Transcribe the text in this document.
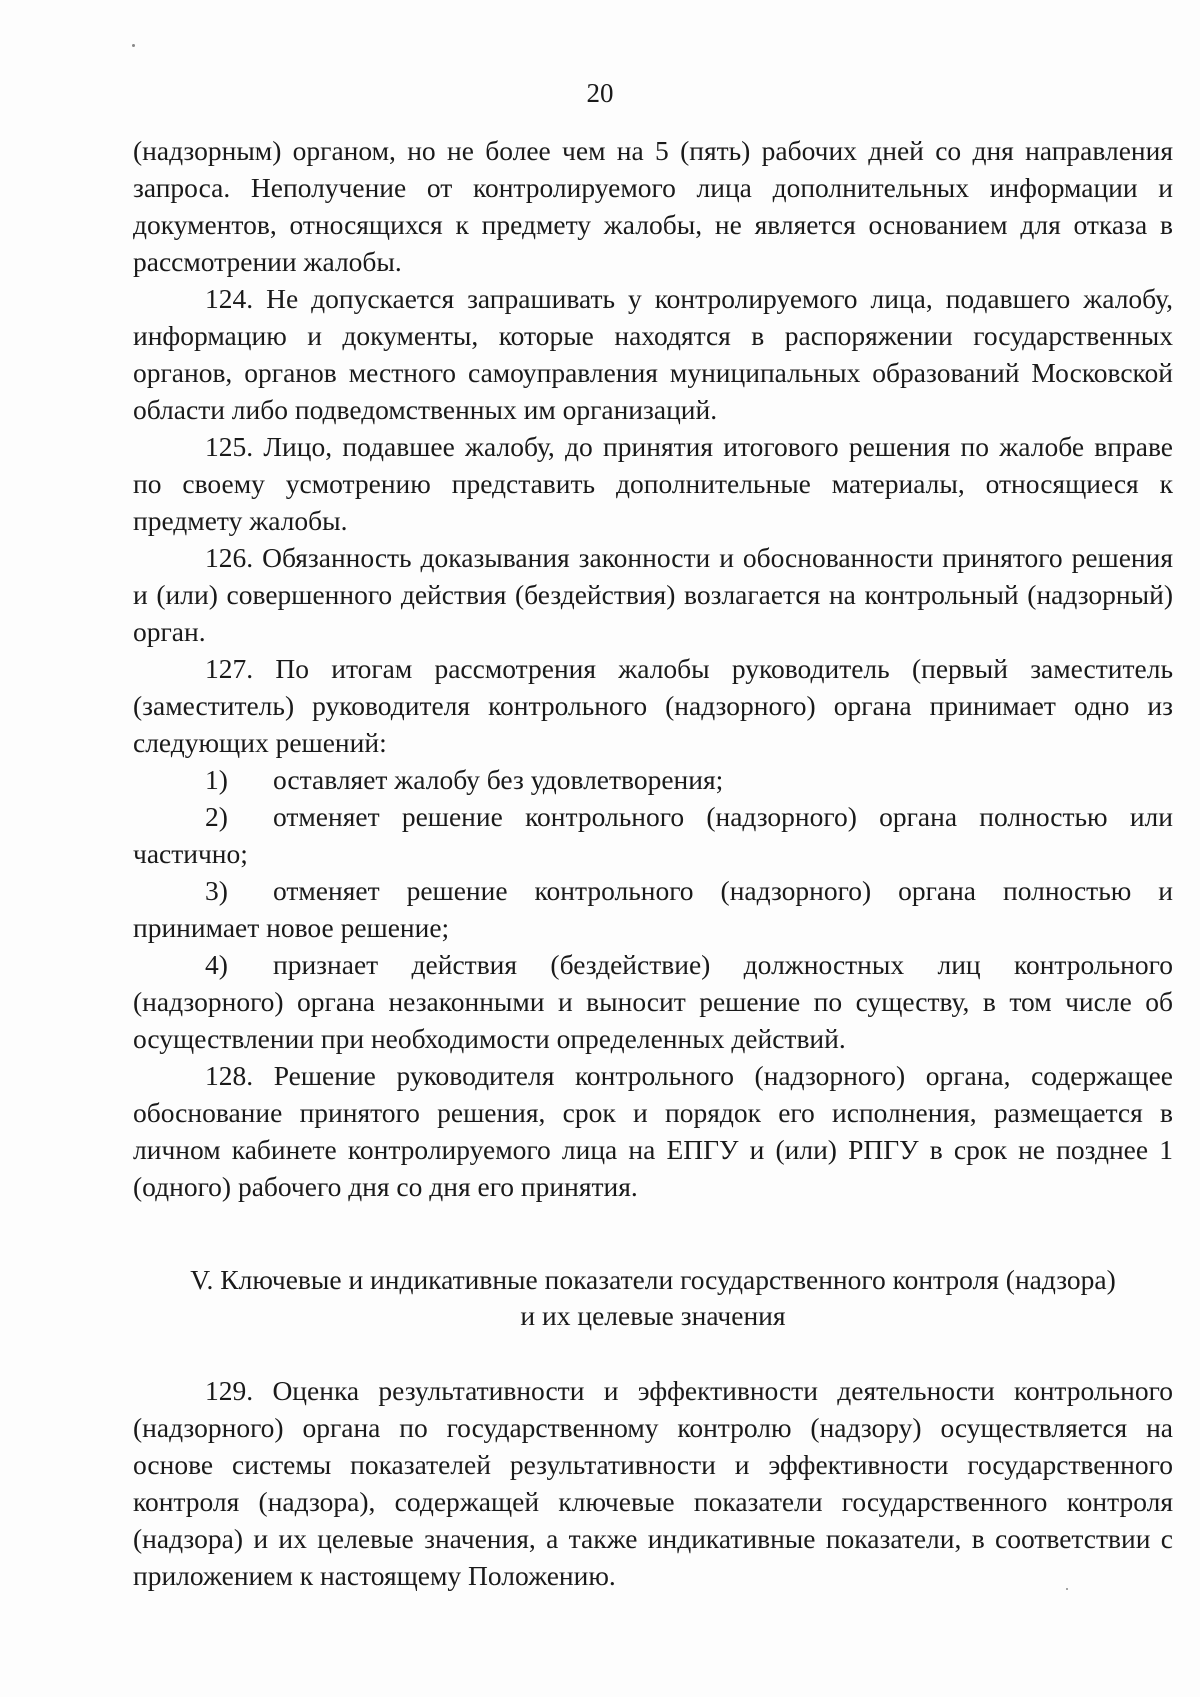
20

(надзорным) органом, но не более чем на 5 (пять) рабочих дней со дня направления запроса. Неполучение от контролируемого лица дополнительных информации и документов, относящихся к предмету жалобы, не является основанием для отказа в рассмотрении жалобы.

124. Не допускается запрашивать у контролируемого лица, подавшего жалобу, информацию и документы, которые находятся в распоряжении государственных органов, органов местного самоуправления муниципальных образований Московской области либо подведомственных им организаций.

125. Лицо, подавшее жалобу, до принятия итогового решения по жалобе вправе по своему усмотрению представить дополнительные материалы, относящиеся к предмету жалобы.

126. Обязанность доказывания законности и обоснованности принятого решения и (или) совершенного действия (бездействия) возлагается на контрольный (надзорный) орган.

127. По итогам рассмотрения жалобы руководитель (первый заместитель (заместитель) руководителя контрольного (надзорного) органа принимает одно из следующих решений:

1) оставляет жалобу без удовлетворения;

2) отменяет решение контрольного (надзорного) органа полностью или частично;

3) отменяет решение контрольного (надзорного) органа полностью и принимает новое решение;

4) признает действия (бездействие) должностных лиц контрольного (надзорного) органа незаконными и выносит решение по существу, в том числе об осуществлении при необходимости определенных действий.

128. Решение руководителя контрольного (надзорного) органа, содержащее обоснование принятого решения, срок и порядок его исполнения, размещается в личном кабинете контролируемого лица на ЕПГУ и (или) РПГУ в срок не позднее 1 (одного) рабочего дня со дня его принятия.

V. Ключевые и индикативные показатели государственного контроля (надзора)
и их целевые значения

129. Оценка результативности и эффективности деятельности контрольного (надзорного) органа по государственному контролю (надзору) осуществляется на основе системы показателей результативности и эффективности государственного контроля (надзора), содержащей ключевые показатели государственного контроля (надзора) и их целевые значения, а также индикативные показатели, в соответствии с приложением к настоящему Положению.
